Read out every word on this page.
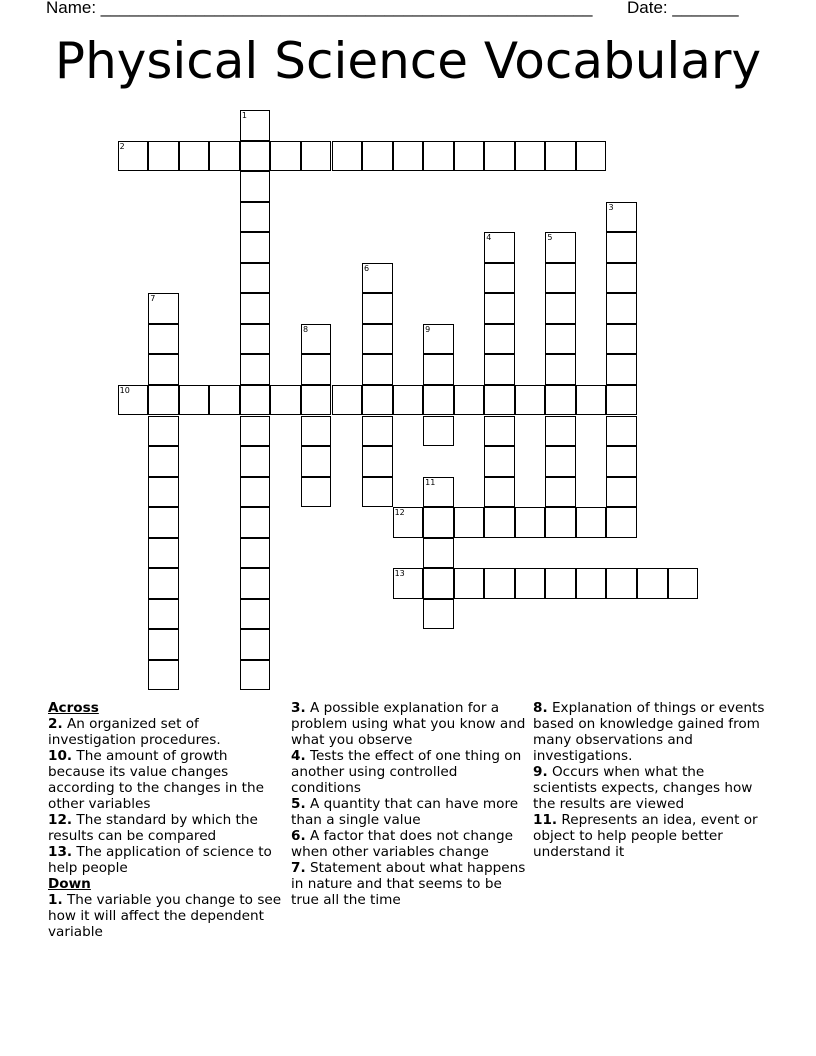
Name: ____________________________________________________ Date: _______
Physical Science Vocabulary
2
10
12
13
1
3
4	5
6
7
8	9
11

Across

2. An organized set of investigation procedures.

10. The amount of growth because its value changes according to the changes in the other variables

12. The standard by which the results can be compared

13. The application of science to help people

Down

1. The variable you change to see how it will affect the dependent variable

3. A possible explanation for a problem using what you know and what you observe

4. Tests the effect of one thing on another using controlled conditions

5. A quantity that can have more than a single value

6. A factor that does not change when other variables change

7. Statement about what happens in nature and that seems to be true all the time

8. Explanation of things or events based on knowledge gained from many observations and investigations.

9. Occurs when what the scientists expects, changes how the results are viewed

11. Represents an idea, event or object to help people better understand it
